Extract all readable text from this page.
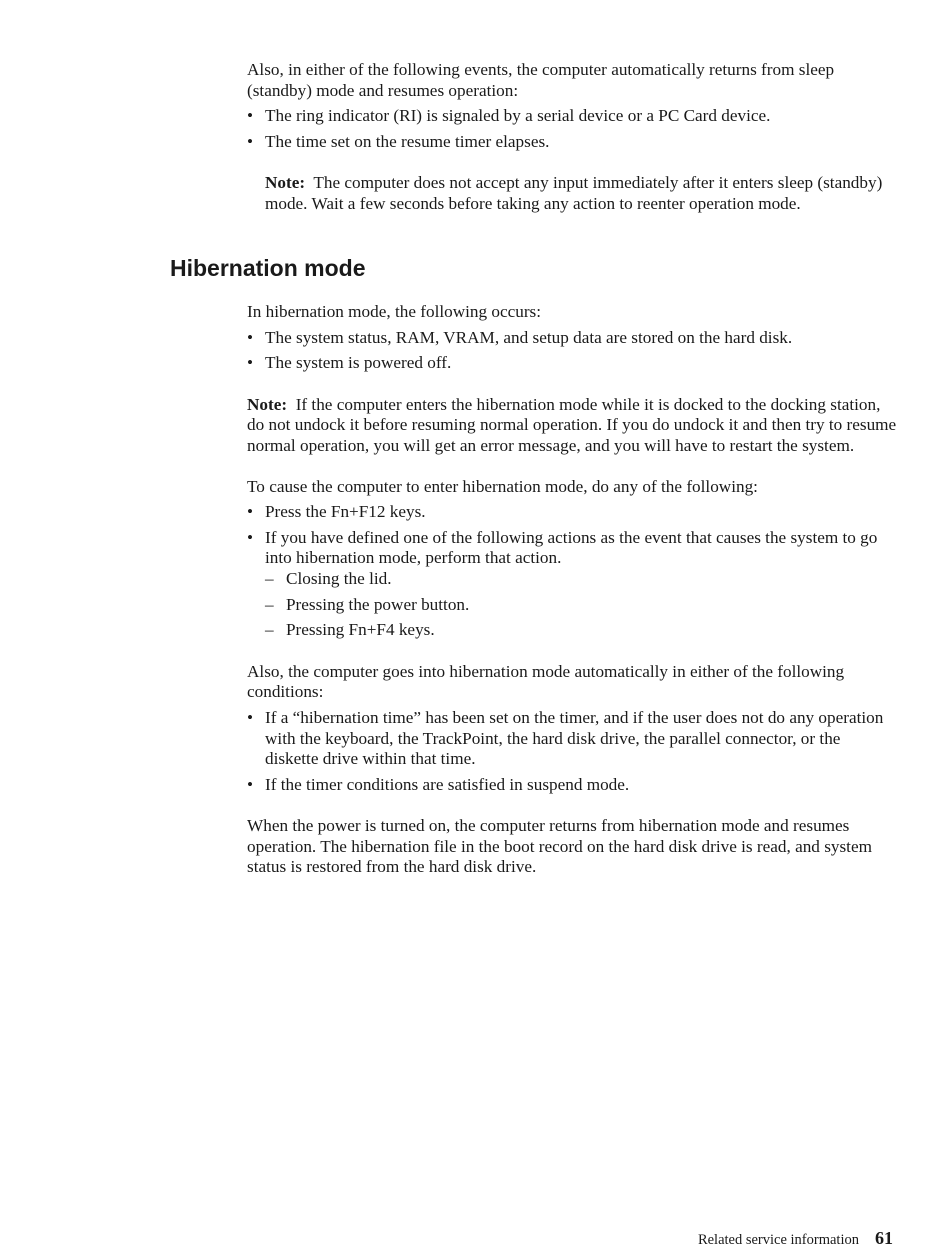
Also, in either of the following events, the computer automatically returns from sleep (standby) mode and resumes operation:

• The ring indicator (RI) is signaled by a serial device or a PC Card device.
• The time set on the resume timer elapses.

Note: The computer does not accept any input immediately after it enters sleep (standby) mode. Wait a few seconds before taking any action to reenter operation mode.

Hibernation mode

In hibernation mode, the following occurs:

• The system status, RAM, VRAM, and setup data are stored on the hard disk.
• The system is powered off.

Note: If the computer enters the hibernation mode while it is docked to the docking station, do not undock it before resuming normal operation. If you do undock it and then try to resume normal operation, you will get an error message, and you will have to restart the system.

To cause the computer to enter hibernation mode, do any of the following:

• Press the Fn+F12 keys.
• If you have defined one of the following actions as the event that causes the system to go into hibernation mode, perform that action.
– Closing the lid.
– Pressing the power button.
– Pressing Fn+F4 keys.

Also, the computer goes into hibernation mode automatically in either of the following conditions:

• If a “hibernation time” has been set on the timer, and if the user does not do any operation with the keyboard, the TrackPoint, the hard disk drive, the parallel connector, or the diskette drive within that time.
• If the timer conditions are satisfied in suspend mode.

When the power is turned on, the computer returns from hibernation mode and resumes operation. The hibernation file in the boot record on the hard disk drive is read, and system status is restored from the hard disk drive.

Related service information 61
